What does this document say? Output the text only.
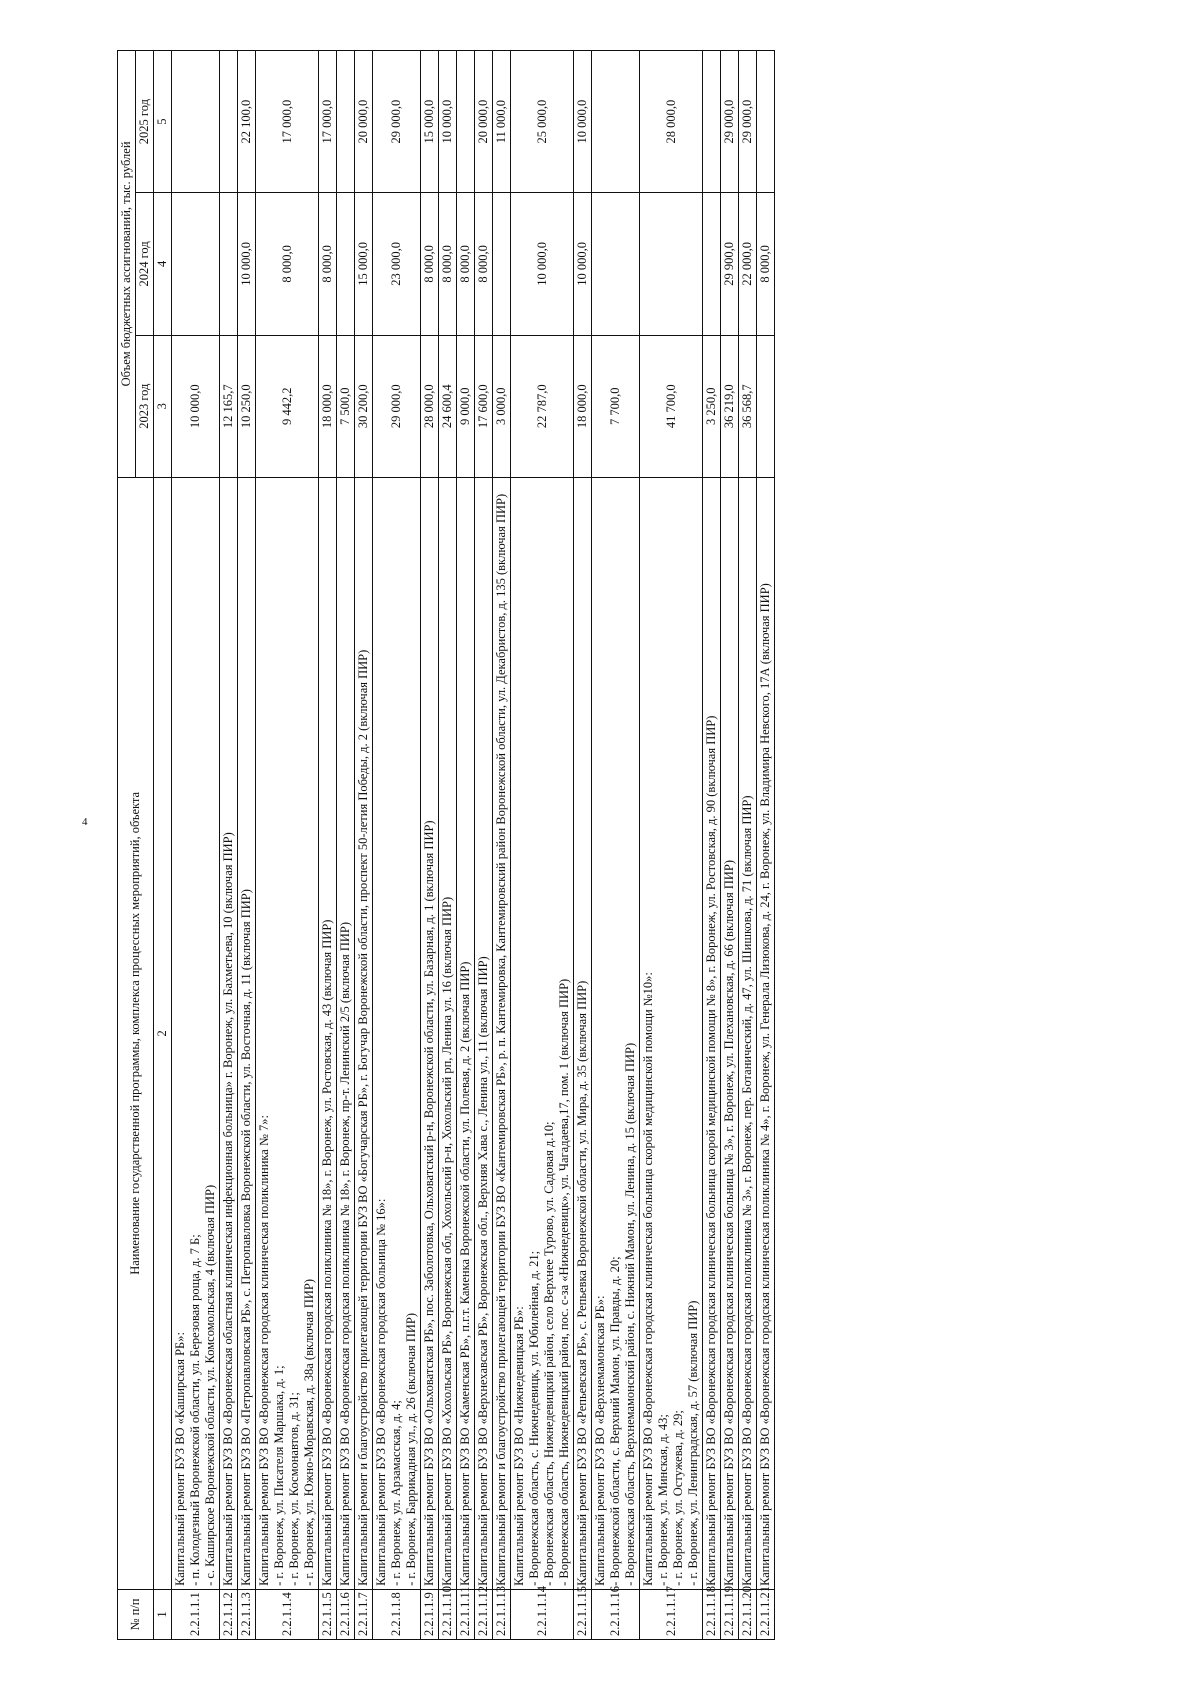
4
№ п/п	Наименование государственной программы, комплекса процессных мероприятий, объекта	Объем бюджетных ассигнований, тыс. рублей		
		2023 год	2024 год	2025 год
1	2	3	4	5
2.2.1.1.1	Капитальный ремонт БУЗ ВО «Каширская РБ»: - п. Колодезный Воронежской области, ул. Березовая роща, д. 7 Б; - с. Каширское Воронежской области, ул. Комсомольская, 4 (включая ПИР)	10 000,0		
2.2.1.1.2	Капитальный ремонт БУЗ ВО «Воронежская областная клиническая инфекционная больница» г. Воронеж, ул. Бахметьева, 10 (включая ПИР)	12 165,7		
2.2.1.1.3	Капитальный ремонт БУЗ ВО «Петропавловская РБ», с. Петропавловка Воронежской области, ул. Восточная, д. 11 (включая ПИР)	10 250,0	10 000,0	22 100,0
2.2.1.1.4	Капитальный ремонт БУЗ ВО «Воронежская городская клиническая поликлиника № 7»: - г. Воронеж, ул. Писателя Маршака, д. 1; - г. Воронеж, ул. Космонавтов, д. 31; - г. Воронеж, ул. Южно-Моравская, д. 38а (включая ПИР)	9 442,2	8 000,0	17 000,0
2.2.1.1.5	Капитальный ремонт БУЗ ВО «Воронежская городская поликлиника № 18», г. Воронеж, ул. Ростовская, д. 43 (включая ПИР)	18 000,0	8 000,0	17 000,0
2.2.1.1.6	Капитальный ремонт БУЗ ВО «Воронежская городская поликлиника № 18», г. Воронеж, пр-т. Ленинский 2/5 (включая ПИР)	7 500,0		
2.2.1.1.7	Капитальный ремонт и благоустройство прилегающей территории БУЗ ВО «Богучарская РБ», г. Богучар Воронежской области, проспект 50-летия Победы, д. 2 (включая ПИР)	30 200,0	15 000,0	20 000,0
2.2.1.1.8	Капитальный ремонт БУЗ ВО «Воронежская городская больница № 16»: - г. Воронеж, ул. Арзамасская, д. 4; - г. Воронеж, Баррикадная ул., д. 26 (включая ПИР)	29 000,0	23 000,0	29 000,0
2.2.1.1.9	Капитальный ремонт БУЗ ВО «Ольховатская РБ», пос. Заболотовка, Ольховатский р-н, Воронежской области, ул. Базарная, д. 1 (включая ПИР)	28 000,0	8 000,0	15 000,0
2.2.1.1.10	Капитальный ремонт БУЗ ВО «Хохольская РБ», Воронежская обл, Хохольский р-н, Хохольский рп, Ленина ул. 16 (включая ПИР)	24 600,4	8 000,0	10 000,0
2.2.1.1.11	Капитальный ремонт БУЗ ВО «Каменская РБ», п.г.т. Каменка Воронежской области, ул. Полевая, д. 2 (включая ПИР)	9 000,0	8 000,0	
2.2.1.1.12	Капитальный ремонт БУЗ ВО «Верхнехавская РБ», Воронежская обл., Верхняя Хава с., Ленина ул., 11 (включая ПИР)	17 600,0	8 000,0	20 000,0
2.2.1.1.13	Капитальный ремонт и благоустройство прилегающей территории БУЗ ВО «Кантемировская РБ», р. п. Кантемировка, Кантемировский район Воронежской области, ул. Декабристов, д. 135 (включая ПИР)	3 000,0		11 000,0
2.2.1.1.14	Капитальный ремонт БУЗ ВО «Нижнедевицкая РБ»: - Воронежская область, с. Нижнедевицк, ул. Юбилейная, д. 21; - Воронежская область, Нижнедевицкий район, село Верхнее Турово, ул. Садовая д.10; - Воронежская область, Нижнедевицкий район, пос. с-за «Нижнедевицк», ул. Чагадаева,17, пом. 1 (включая ПИР)	22 787,0	10 000,0	25 000,0
2.2.1.1.15	Капитальный ремонт БУЗ ВО «Репьевская РБ», с. Репьевка Воронежской области, ул. Мира, д. 35 (включая ПИР)	18 000,0	10 000,0	10 000,0
2.2.1.1.16	Капитальный ремонт БУЗ ВО «Верхнемамонская РБ»: - Воронежской области, с. Верхний Мамон, ул. Правды, д. 20; - Воронежская область, Верхнемамонский район, с. Нижний Мамон, ул. Ленина, д. 15 (включая ПИР)	7 700,0		
2.2.1.1.17	Капитальный ремонт БУЗ ВО «Воронежская городская клиническая больница скорой медицинской помощи №10»: - г. Воронеж, ул. Минская, д. 43; - г. Воронеж, ул. Остужева, д. 29; - г. Воронеж, ул. Ленинградская, д. 57 (включая ПИР)	41 700,0		28 000,0
2.2.1.1.18	Капитальный ремонт БУЗ ВО «Воронежская городская клиническая больница скорой медицинской помощи № 8», г. Воронеж, ул. Ростовская, д. 90 (включая ПИР)	3 250,0		
2.2.1.1.19	Капитальный ремонт БУЗ ВО «Воронежская городская клиническая больница № 3», г. Воронеж, ул. Плехановская, д. 66 (включая ПИР)	36 219,0	29 900,0	29 000,0
2.2.1.1.20	Капитальный ремонт БУЗ ВО «Воронежская городская поликлиника № 3», г. Воронеж, пер. Ботанический, д. 47, ул. Шишкова, д. 71 (включая ПИР)	36 568,7	22 000,0	29 000,0
2.2.1.1.21	Капитальный ремонт БУЗ ВО «Воронежская городская клиническая поликлиника № 4», г. Воронеж, ул. Генерала Лизюкова, д. 24, г. Воронеж, ул. Владимира Невского, 17А (включая ПИР)		8 000,0	
